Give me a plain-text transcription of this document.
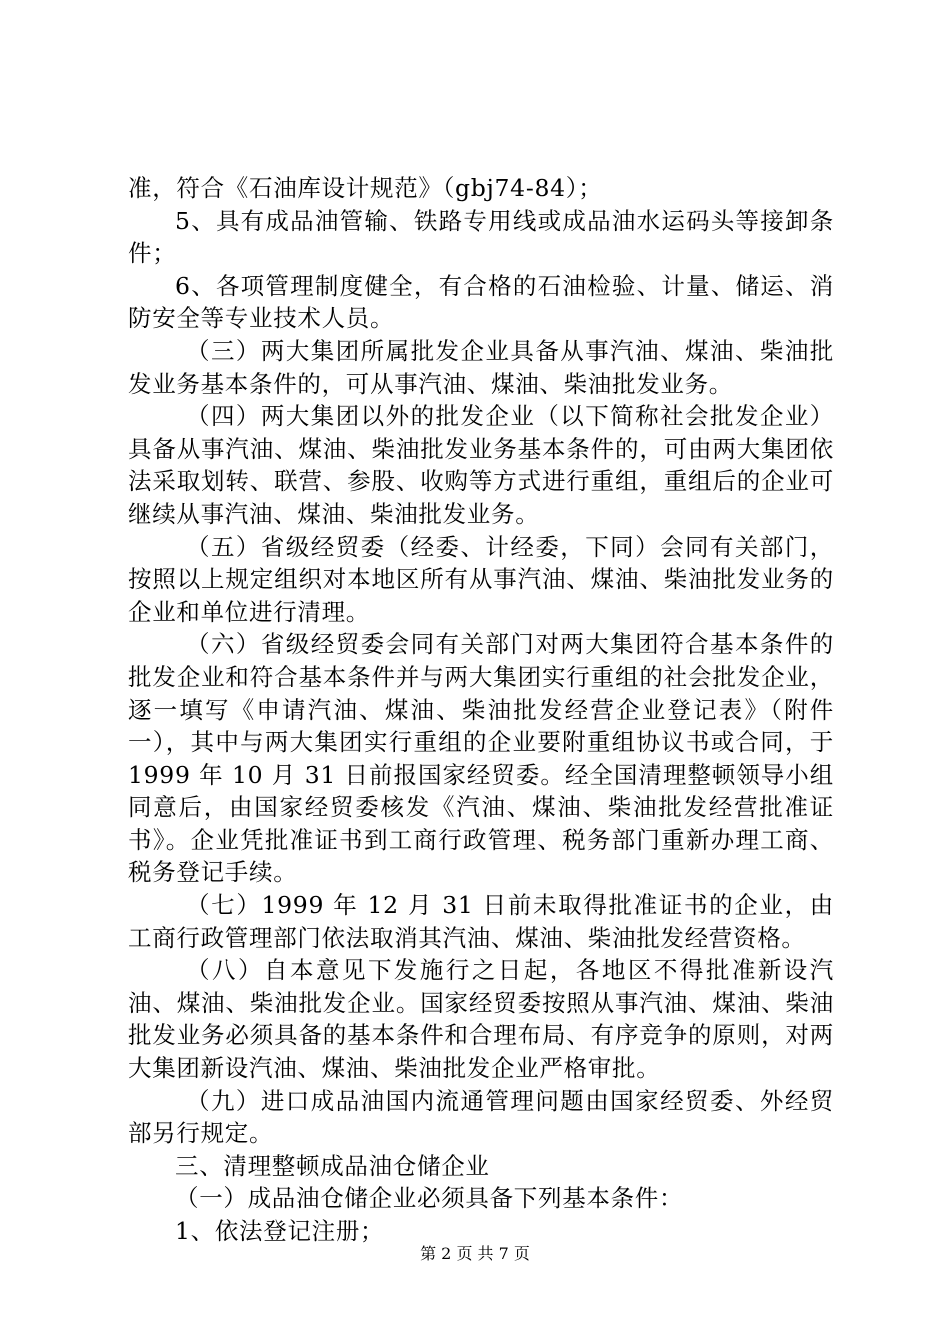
准，符合《石油库设计规范》（gbj74-84）；

5、具有成品油管输、铁路专用线或成品油水运码头等接卸条件；

6、各项管理制度健全，有合格的石油检验、计量、储运、消防安全等专业技术人员。

（三）两大集团所属批发企业具备从事汽油、煤油、柴油批发业务基本条件的，可从事汽油、煤油、柴油批发业务。

（四）两大集团以外的批发企业（以下简称社会批发企业）具备从事汽油、煤油、柴油批发业务基本条件的，可由两大集团依法采取划转、联营、参股、收购等方式进行重组，重组后的企业可继续从事汽油、煤油、柴油批发业务。

（五）省级经贸委（经委、计经委，下同）会同有关部门，按照以上规定组织对本地区所有从事汽油、煤油、柴油批发业务的企业和单位进行清理。

（六）省级经贸委会同有关部门对两大集团符合基本条件的批发企业和符合基本条件并与两大集团实行重组的社会批发企业，逐一填写《申请汽油、煤油、柴油批发经营企业登记表》（附件一），其中与两大集团实行重组的企业要附重组协议书或合同，于 1999 年 10 月 31 日前报国家经贸委。经全国清理整顿领导小组同意后，由国家经贸委核发《汽油、煤油、柴油批发经营批准证书》。企业凭批准证书到工商行政管理、税务部门重新办理工商、税务登记手续。

（七）1999 年 12 月 31 日前未取得批准证书的企业，由工商行政管理部门依法取消其汽油、煤油、柴油批发经营资格。

（八）自本意见下发施行之日起，各地区不得批准新设汽油、煤油、柴油批发企业。国家经贸委按照从事汽油、煤油、柴油批发业务必须具备的基本条件和合理布局、有序竞争的原则，对两大集团新设汽油、煤油、柴油批发企业严格审批。

（九）进口成品油国内流通管理问题由国家经贸委、外经贸部另行规定。

三、清理整顿成品油仓储企业

（一）成品油仓储企业必须具备下列基本条件：

1、依法登记注册；

第 2 页 共 7 页
